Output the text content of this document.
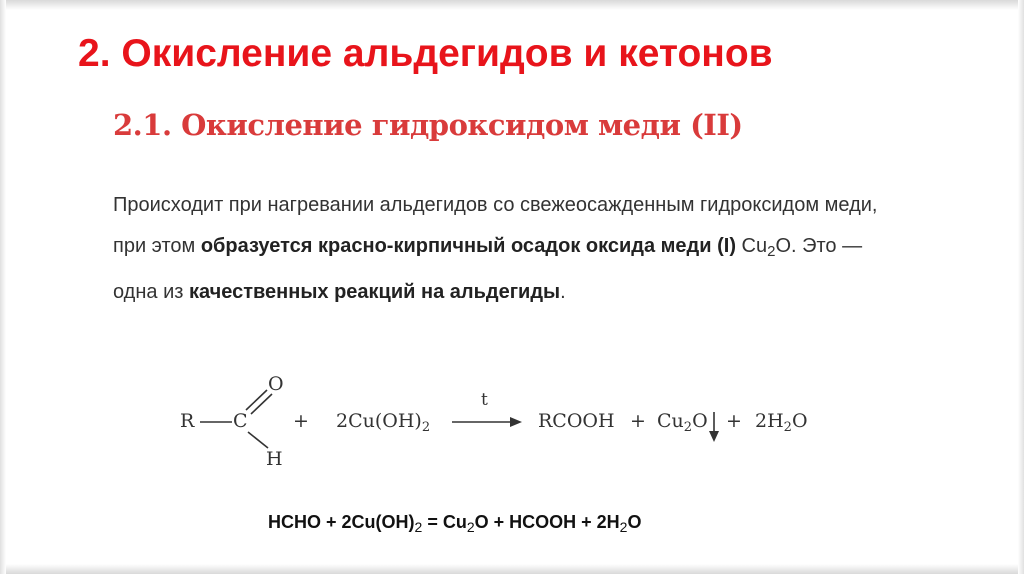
2. Окисление альдегидов и кетонов
2.1. Окисление гидроксидом меди (II)
Происходит при нагревании альдегидов со свежеосажденным гидроксидом меди, при этом образуется красно-кирпичный осадок оксида меди (I) $Cu_2O$. Это — одна из качественных реакций на альдегиды.
R C
O
H
+ $2Cu(OH)_2$
t
RCOOH + $Cu_2O + 2H_2O$
HCHO + $2Cu(OH)_2 = Cu_2O$ + HCOOH + $2H_2O$
